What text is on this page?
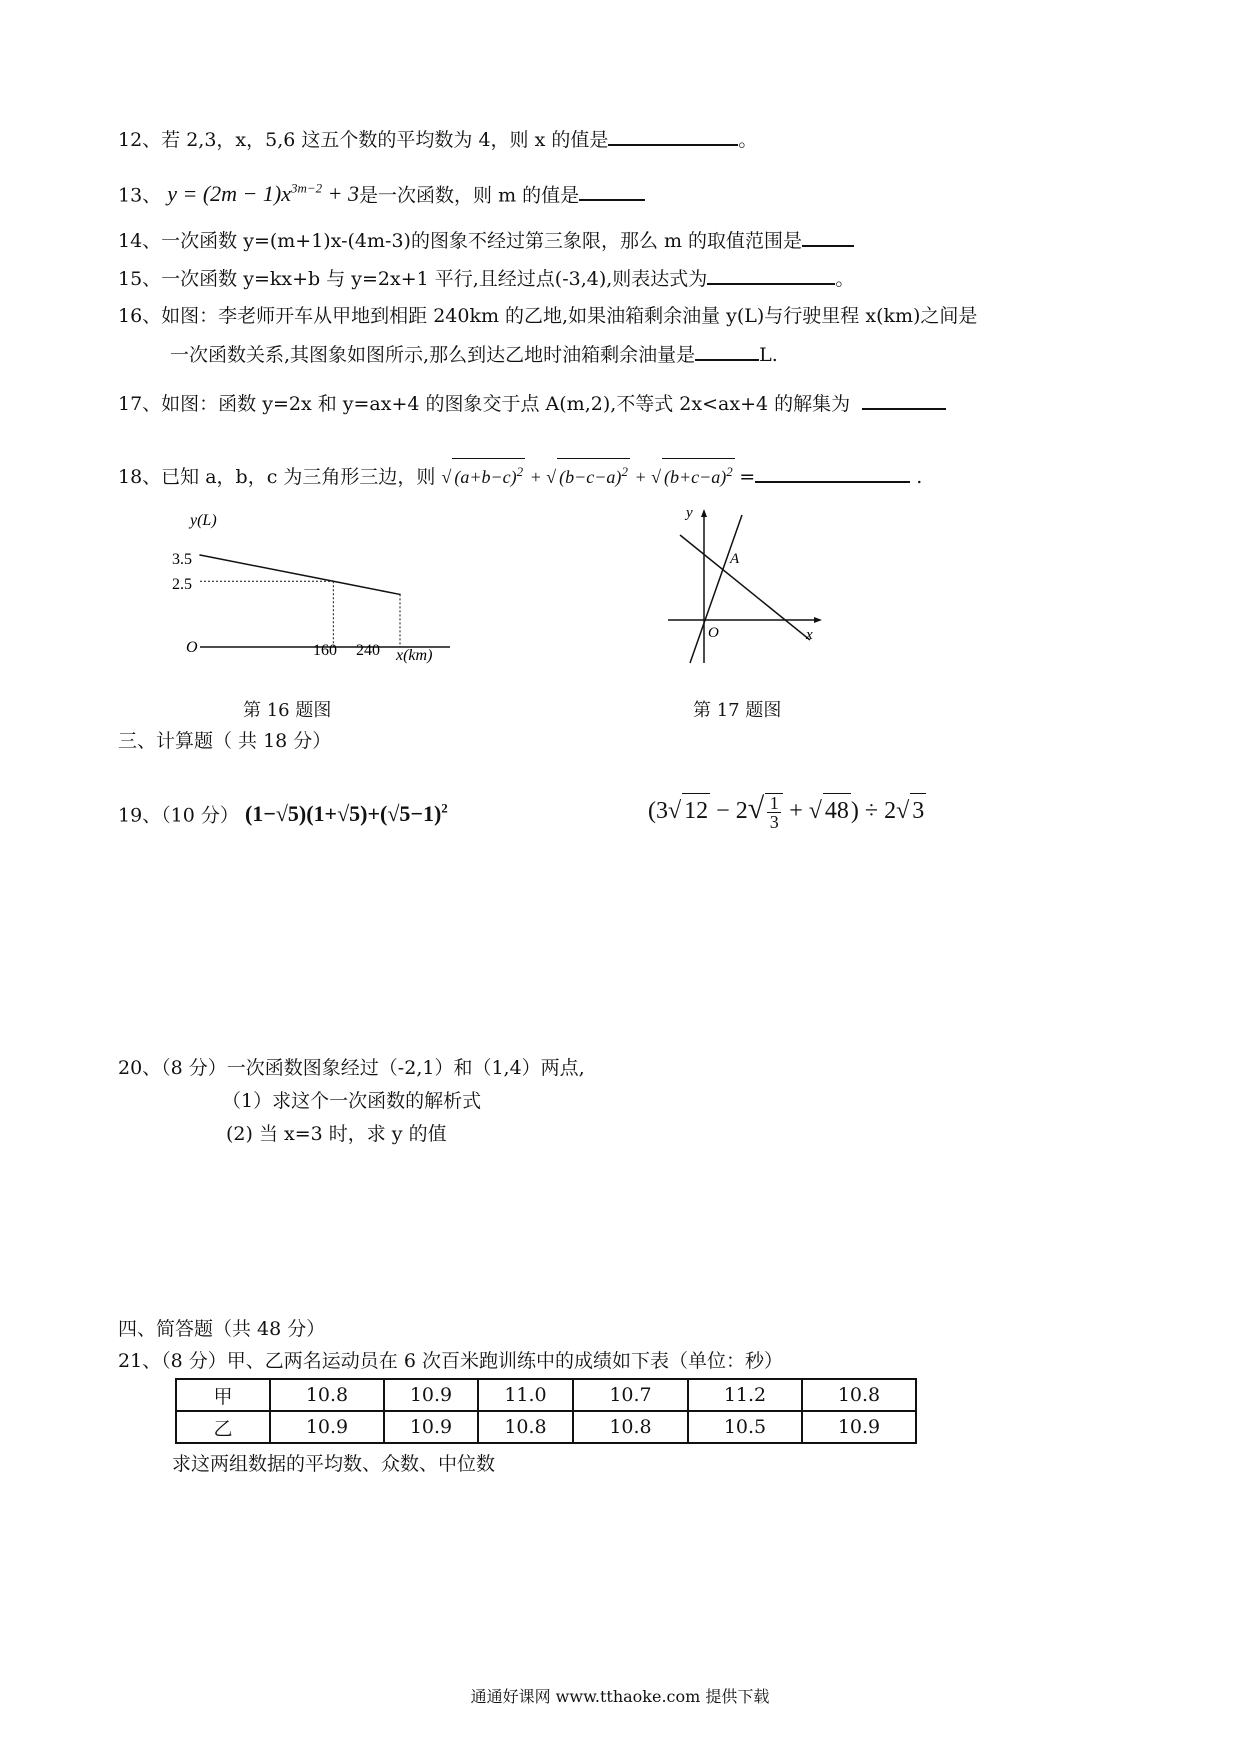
12、若 2,3，x，5,6 这五个数的平均数为 4，则 x 的值是	。
13、 $y = (2m - 1)x^{3m-2} + 3$是一次函数，则 m 的值是
14、一次函数 y=(m+1)x-(4m-3)的图象不经过第三象限，那么 m 的取值范围是
15、一次函数 y=kx+b 与 y=2x+1 平行,且经过点(-3,4),则表达式为	。
16、如图：李老师开车从甲地到相距 240km 的乙地,如果油箱剩余油量 y(L)与行驶里程 x(km)之间是
一次函数关系,其图象如图所示,那么到达乙地时油箱剩余油量是	L.
17、如图：函数 y=2x 和 y=ax+4 的图象交于点 A(m,2),不等式 2x<ax+4 的解集为
18、已知 a，b，c 为三角形三边，则 √ $(a+b-c)^2$ + √ $(b-c-a)^2$ + √ $(b+c-a)^2$ =	.
y(L)
x(km)
O
3.5
2.5
160 240
第 16 题图
y
x
O
A
第 17 题图
三、计算题（ 共 18 分）
19、（10 分） $(1-√5)(1+√5)+(√5-1)^2$	(3√ $12 - 2√ \frac{1}{3}$ + √ 48) ÷ 2√ 3
20、（8 分）一次函数图象经过（-2,1）和（1,4）两点,
（1）求这个一次函数的解析式
(2) 当 x=3 时，求 y 的值
四、简答题（共 48 分）
21、（8 分）甲、乙两名运动员在 6 次百米跑训练中的成绩如下表（单位：秒）
甲	10.8	10.9	11.0	10.7	11.2	10.8
乙	10.9	10.9	10.8	10.8	10.5	10.9
求这两组数据的平均数、众数、中位数
通通好课网 www.tthaoke.com 提供下载
